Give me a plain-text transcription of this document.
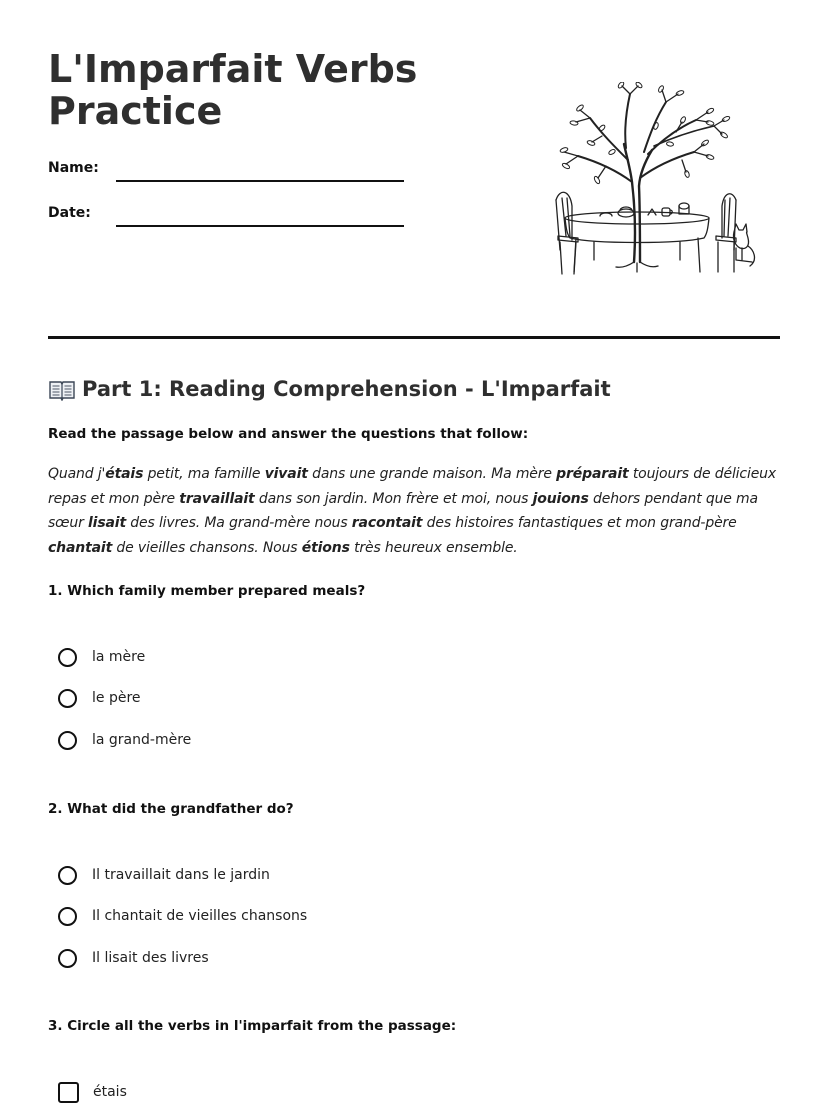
L'Imparfait Verbs Practice
Name:
Date:
Part 1: Reading Comprehension - L'Imparfait
Read the passage below and answer the questions that follow:

Quand j'étais petit, ma famille vivait dans une grande maison. Ma mère préparait toujours de délicieux repas et mon père travaillait dans son jardin. Mon frère et moi, nous jouions dehors pendant que ma sœur lisait des livres. Ma grand-mère nous racontait des histoires fantastiques et mon grand-père chantait de vieilles chansons. Nous étions très heureux ensemble.

1. Which family member prepared meals?
la mère
le père
la grand-mère
2. What did the grandfather do?
Il travaillait dans le jardin
Il chantait de vieilles chansons
Il lisait des livres
3. Circle all the verbs in l'imparfait from the passage:
étais
